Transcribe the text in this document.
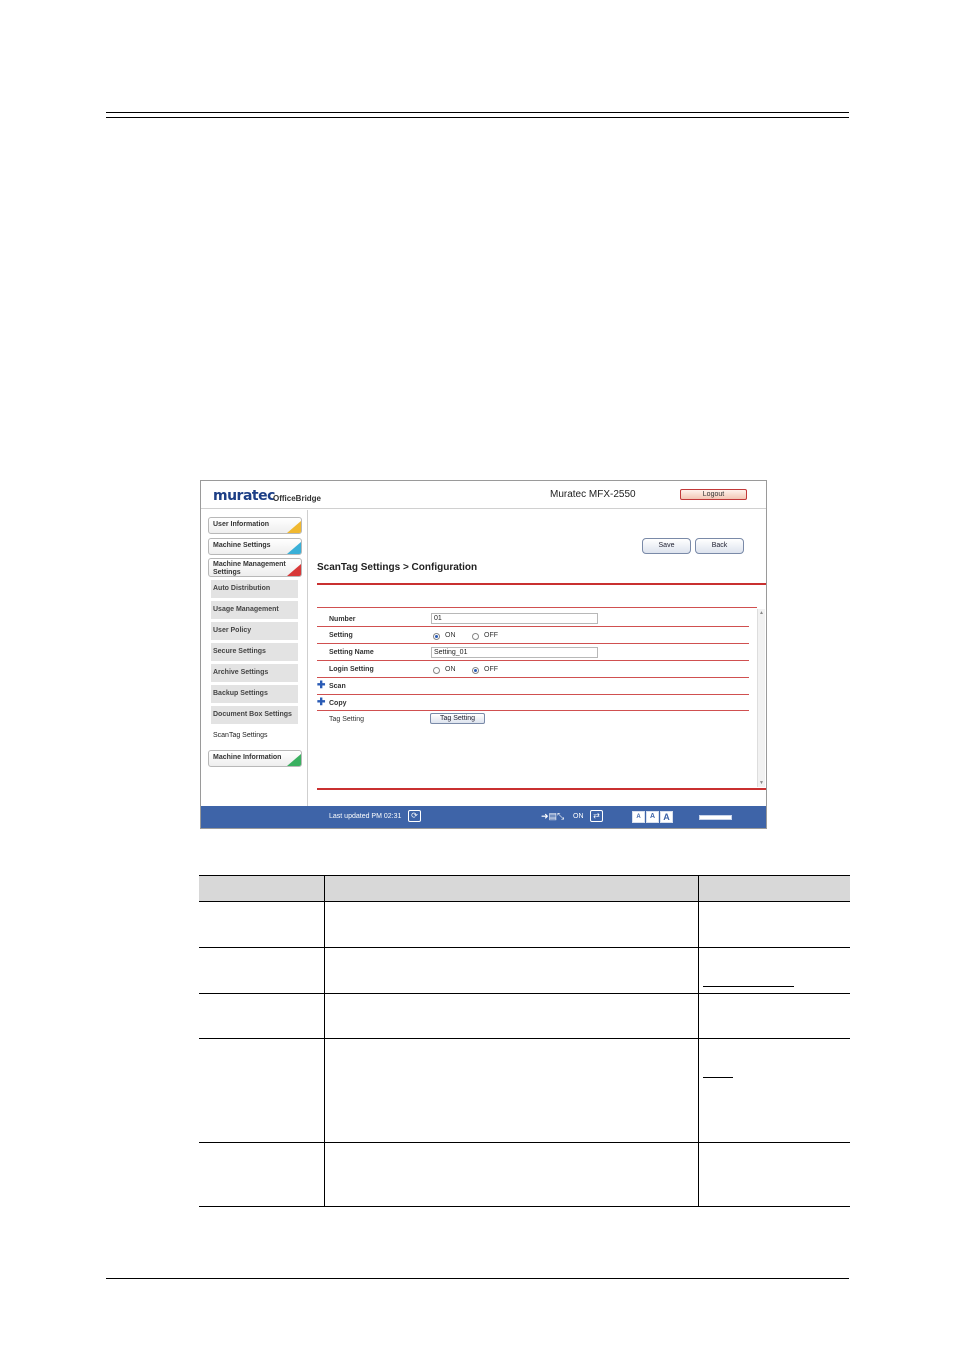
muratec
OfficeBridge	Muratec MFX-2550	Logout
User Information
Machine Settings
Machine Management Settings
Auto Distribution
Usage Management
User Policy
Secure Settings
Archive Settings
Backup Settings
Document Box Settings
ScanTag Settings
Machine Information
Save	Back
ScanTag Settings > Configuration
▲
▼
Number	01
Setting	ON	OFF
Setting Name	Setting_01
Login Setting	ON	OFF
✚ Scan
✚ Copy
Tag Setting	Tag Setting
Last updated PM 02:31	⟳	➜▤⤡ ON	⇄	A	A A
